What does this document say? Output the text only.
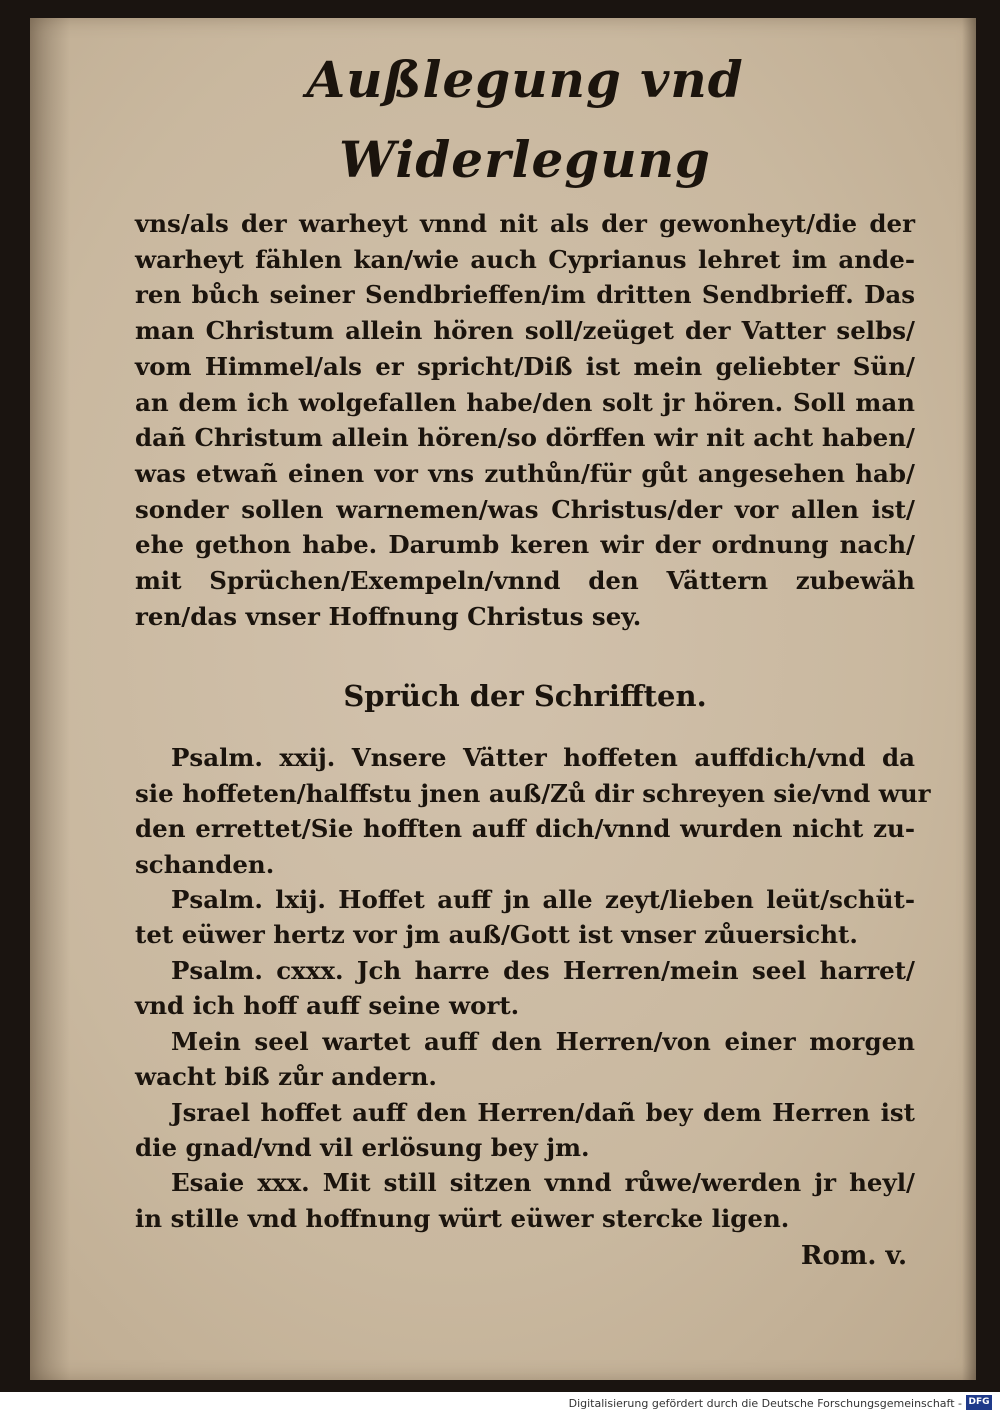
Außlegung vnd Widerlegung
vns/als der warheyt vnnd nit als der gewonheyt/die der
warheyt fählen kan/wie auch Cyprianus lehret im ande-
ren bůch seiner Sendbrieffen/im dritten Sendbrieff. Das
man Christum allein hören soll/zeüget der Vatter selbs/
vom Himmel/als er spricht/Diß ist mein geliebter Sün/
an dem ich wolgefallen habe/den solt jr hören. Soll man
dañ Christum allein hören/so dörffen wir nit acht haben/
was etwañ einen vor vns zuthůn/für gůt angesehen hab/
sonder sollen warnemen/was Christus/der vor allen ist/
ehe gethon habe. Darumb keren wir der ordnung nach/
mit Sprüchen/Exempeln/vnnd den Vättern zubewäh
ren/das vnser Hoffnung Christus sey.
Sprüch der Schrifften.
Psalm. xxij. Vnsere Vätter hoffeten auffdich/vnd da
sie hoffeten/halffstu jnen auß/Zů dir schreyen sie/vnd wur
den errettet/Sie hofften auff dich/vnnd wurden nicht zu-
schanden.
Psalm. lxij. Hoffet auff jn alle zeyt/lieben leüt/schüt-
tet eüwer hertz vor jm auß/Gott ist vnser zůuersicht.
Psalm. cxxx. Jch harre des Herren/mein seel harret/
vnd ich hoff auff seine wort.
Mein seel wartet auff den Herren/von einer morgen
wacht biß zůr andern.
Jsrael hoffet auff den Herren/dañ bey dem Herren ist
die gnad/vnd vil erlösung bey jm.
Esaie xxx. Mit still sitzen vnnd růwe/werden jr heyl/
in stille vnd hoffnung würt eüwer stercke ligen.
Rom. v.
Digitalisierung gefördert durch die Deutsche Forschungsgemeinschaft - DFG
